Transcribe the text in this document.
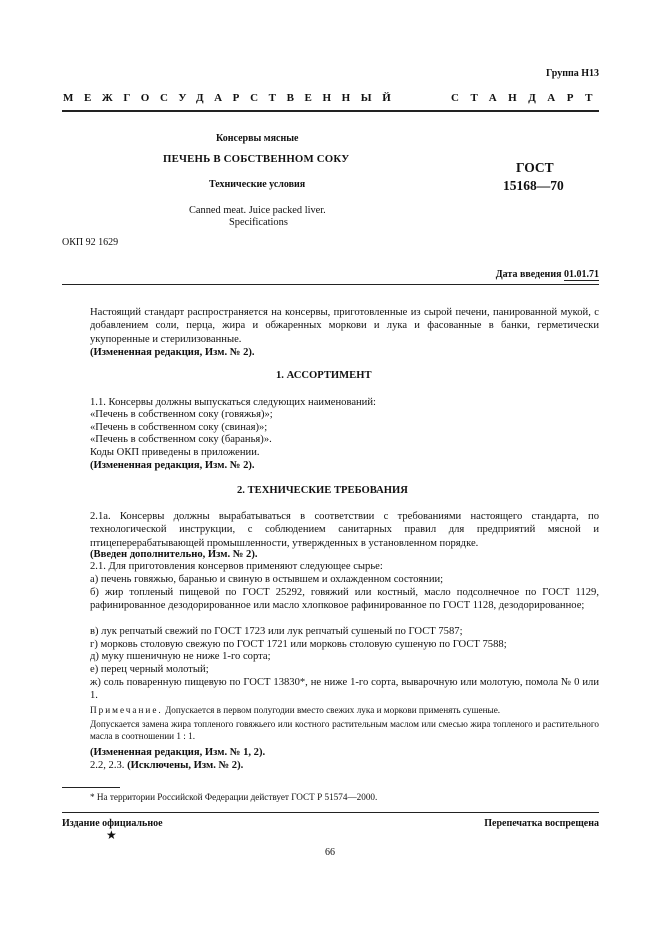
Группа Н13
МЕЖГОСУДАРСТВЕННЫЙ	СТАНДАРТ
Консервы мясные
ПЕЧЕНЬ В СОБСТВЕННОМ СОКУ
Технические условия
Canned meat. Juice packed liver.
Specifications
ГОСТ
15168—70
ОКП 92 1629
Дата введения 01.01.71
Настоящий стандарт распространяется на консервы, приготовленные из сырой печени, панированной мукой, с добавлением соли, перца, жира и обжаренных моркови и лука и фасованные в банки, герметически укупоренные и стерилизованные.
(Измененная редакция, Изм. № 2).
1. АССОРТИМЕНТ
1.1. Консервы должны выпускаться следующих наименований:
«Печень в собственном соку (говяжья)»;
«Печень в собственном соку (свиная)»;
«Печень в собственном соку (баранья)».
Коды ОКП приведены в приложении.
(Измененная редакция, Изм. № 2).
2. ТЕХНИЧЕСКИЕ ТРЕБОВАНИЯ
2.1а. Консервы должны вырабатываться в соответствии с требованиями настоящего стандарта, по технологической инструкции, с соблюдением санитарных правил для предприятий мясной и птицеперерабатывающей промышленности, утвержденных в установленном порядке.
(Введен дополнительно, Изм. № 2).
2.1. Для приготовления консервов применяют следующее сырье:
а) печень говяжью, баранью и свиную в остывшем и охлажденном состоянии;
б) жир топленый пищевой по ГОСТ 25292, говяжий или костный, масло подсолнечное по ГОСТ 1129, рафинированное дезодорированное или масло хлопковое рафинированное по ГОСТ 1128, дезодорированное;
в) лук репчатый свежий по ГОСТ 1723 или лук репчатый сушеный по ГОСТ 7587;
г) морковь столовую свежую по ГОСТ 1721 или морковь столовую сушеную по ГОСТ 7588;
д) муку пшеничную не ниже 1-го сорта;
е) перец черный молотый;
ж) соль поваренную пищевую по ГОСТ 13830*, не ниже 1-го сорта, выварочную или молотую, помола № 0 или 1.
Примечание. Допускается в первом полугодии вместо свежих лука и моркови применять сушеные.
Допускается замена жира топленого говяжьего или костного растительным маслом или смесью жира топленого и растительного масла в соотношении 1 : 1.
(Измененная редакция, Изм. № 1, 2).
2.2, 2.3. (Исключены, Изм. № 2).
* На территории Российской Федерации действует ГОСТ Р 51574—2000.
Издание официальное
★
Перепечатка воспрещена
66
